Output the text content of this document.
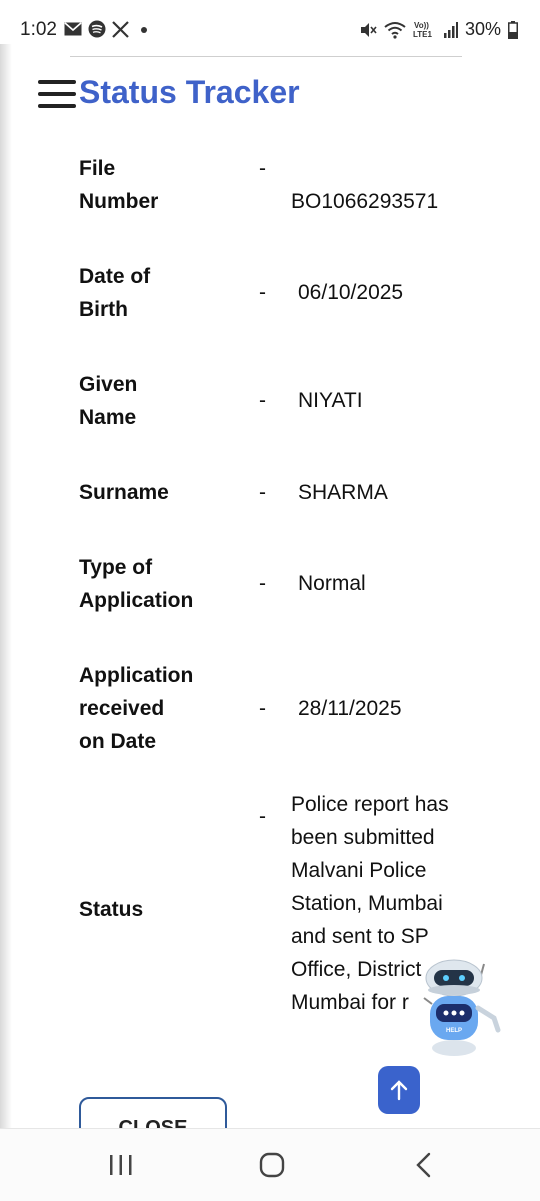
1:02	Vo))
LTE1 30%
Status Tracker
File
Number
-
BO1066293571
Date of
Birth
- 06/10/2025
Given
Name
- NIYATI
Surname	- SHARMA
Type of
Application
- Normal
Application
received
on Date
- 28/11/2025
Status
-
Police report has
been submitted
Malvani Police
Station, Mumbai
and sent to SP
Office, District
Mumbai for r
HELP
